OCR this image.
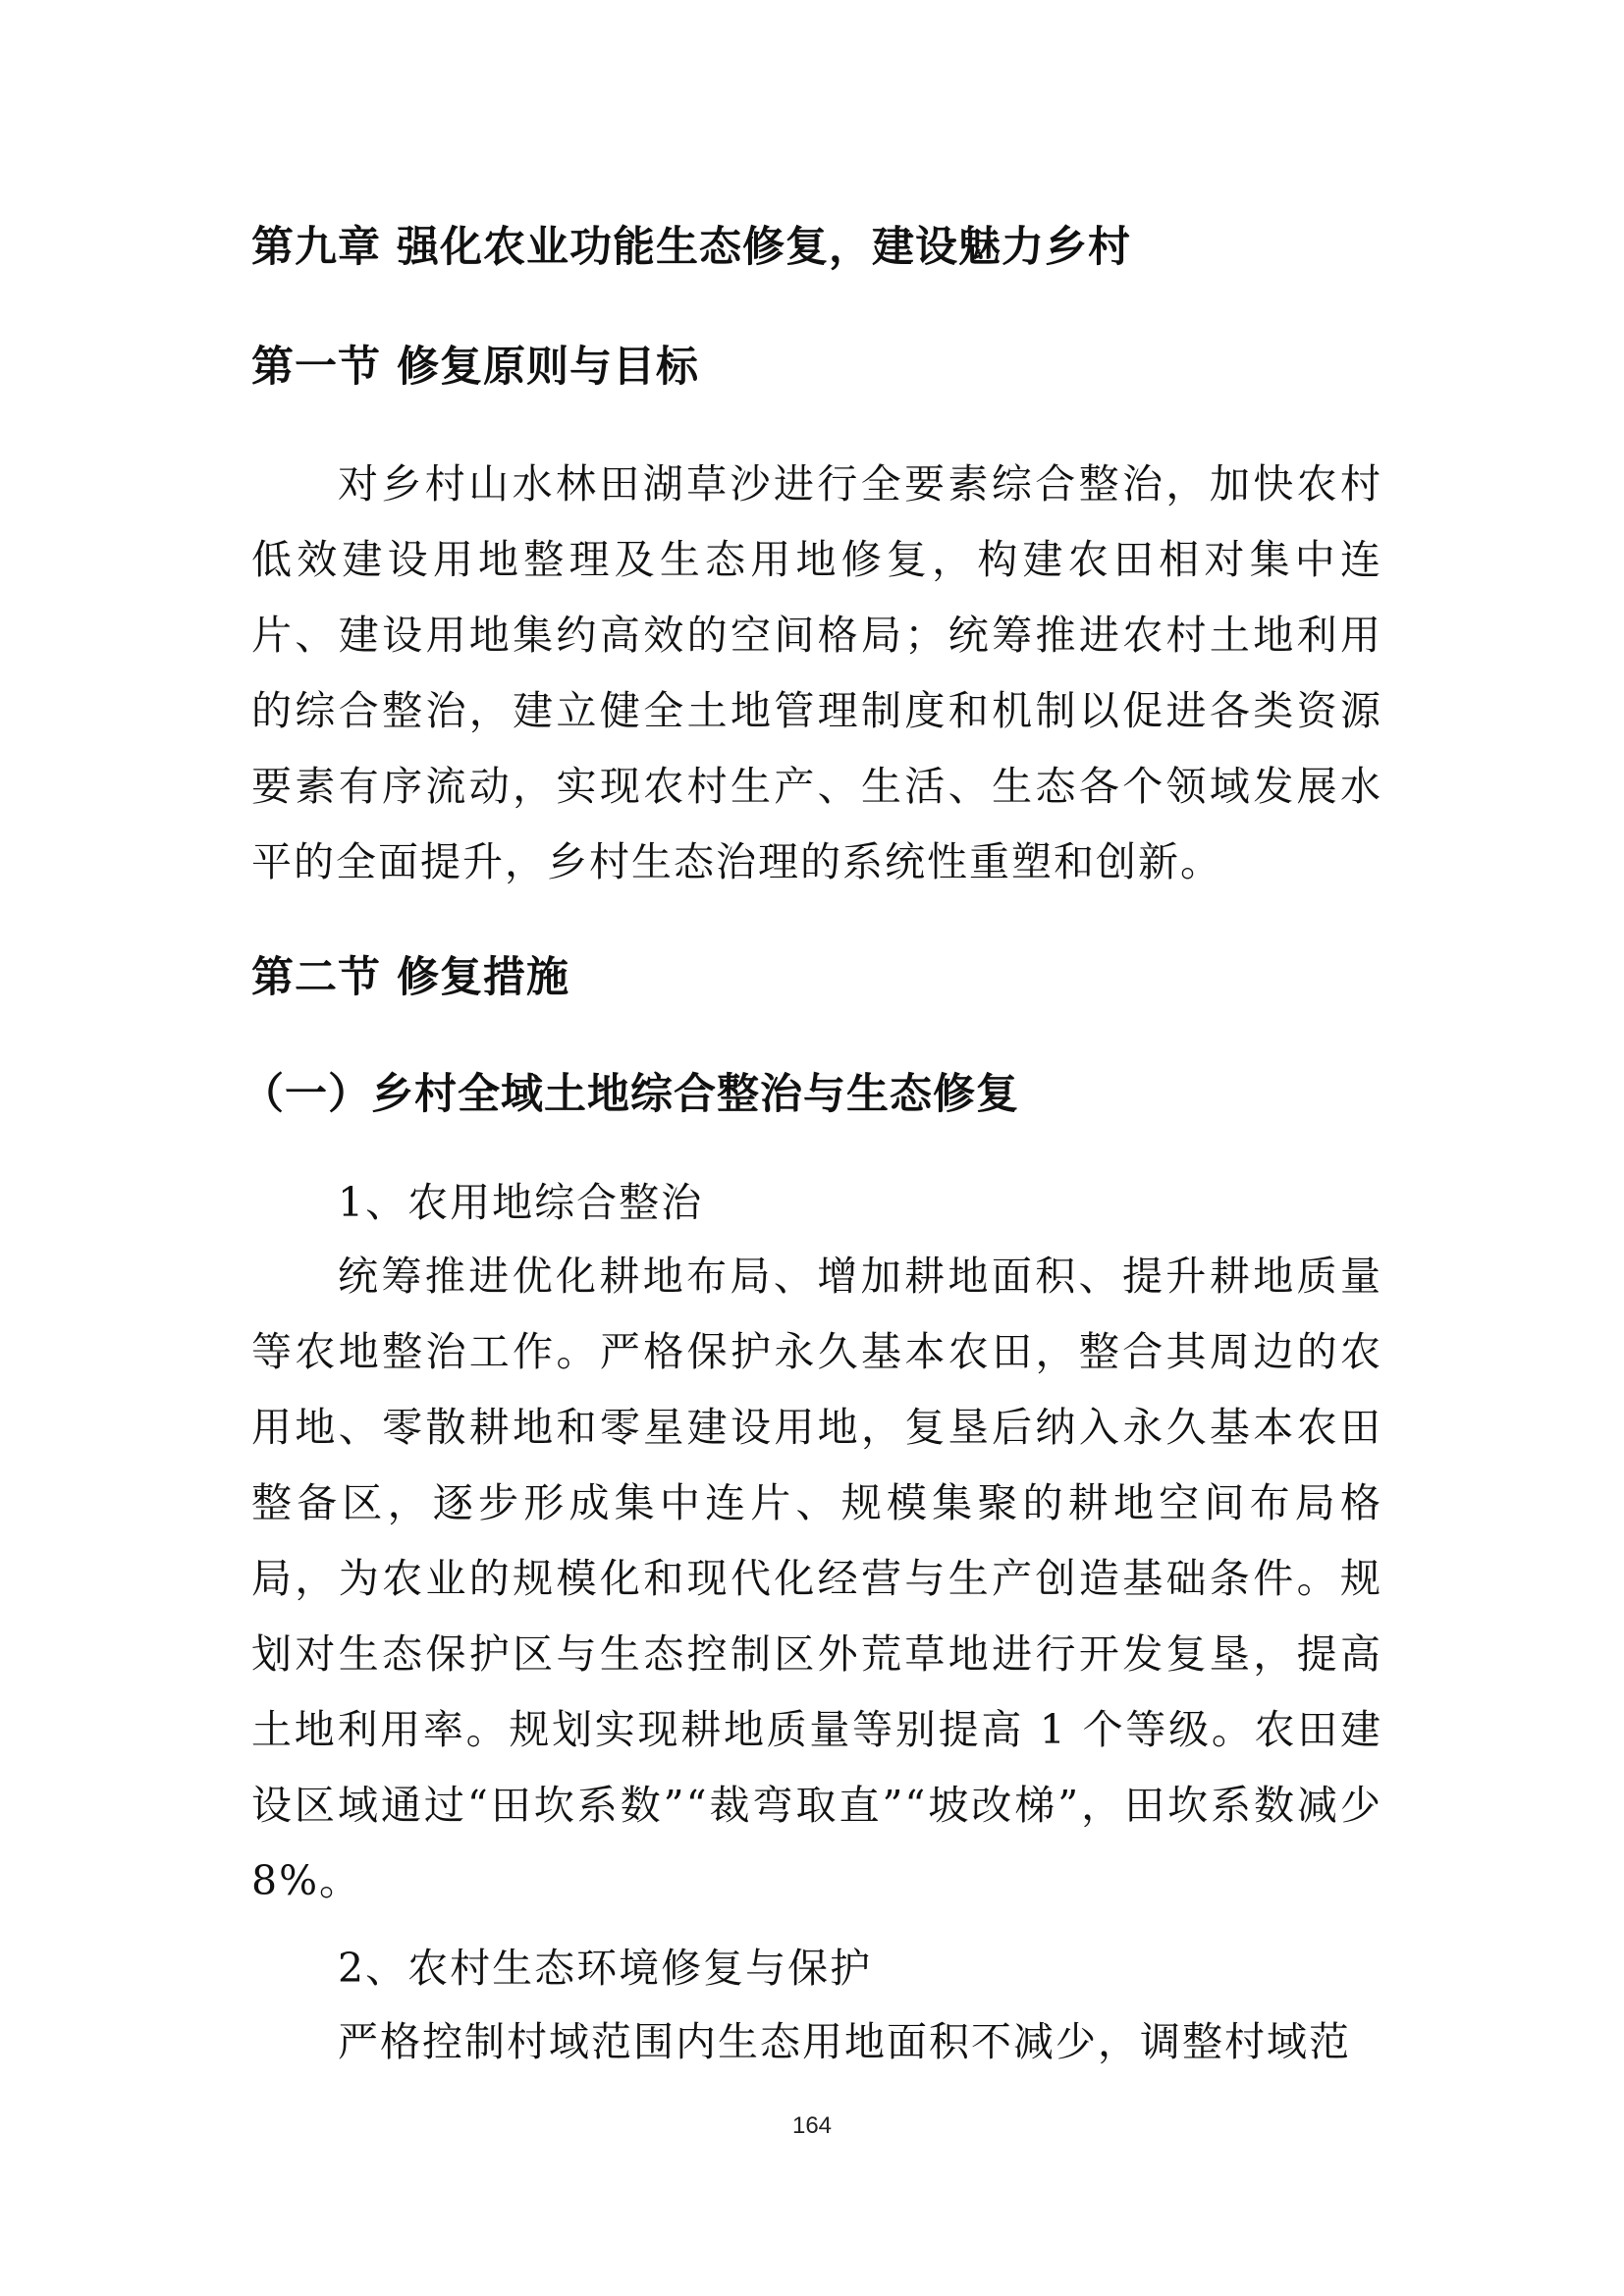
第九章 强化农业功能生态修复，建设魅力乡村
第一节 修复原则与目标

对乡村山水林田湖草沙进行全要素综合整治，加快农村低效建设用地整理及生态用地修复，构建农田相对集中连片、建设用地集约高效的空间格局；统筹推进农村土地利用的综合整治，建立健全土地管理制度和机制以促进各类资源要素有序流动，实现农村生产、生活、生态各个领域发展水平的全面提升，乡村生态治理的系统性重塑和创新。

第二节 修复措施
（一）乡村全域土地综合整治与生态修复

1、农用地综合整治

统筹推进优化耕地布局、增加耕地面积、提升耕地质量等农地整治工作。严格保护永久基本农田，整合其周边的农用地、零散耕地和零星建设用地，复垦后纳入永久基本农田整备区，逐步形成集中连片、规模集聚的耕地空间布局格局，为农业的规模化和现代化经营与生产创造基础条件。规划对生态保护区与生态控制区外荒草地进行开发复垦，提高土地利用率。规划实现耕地质量等别提高 1 个等级。农田建设区域通过“田坎系数”“裁弯取直”“坡改梯”，田坎系数减少8%。

2、农村生态环境修复与保护

严格控制村域范围内生态用地面积不减少，调整村域范

164
